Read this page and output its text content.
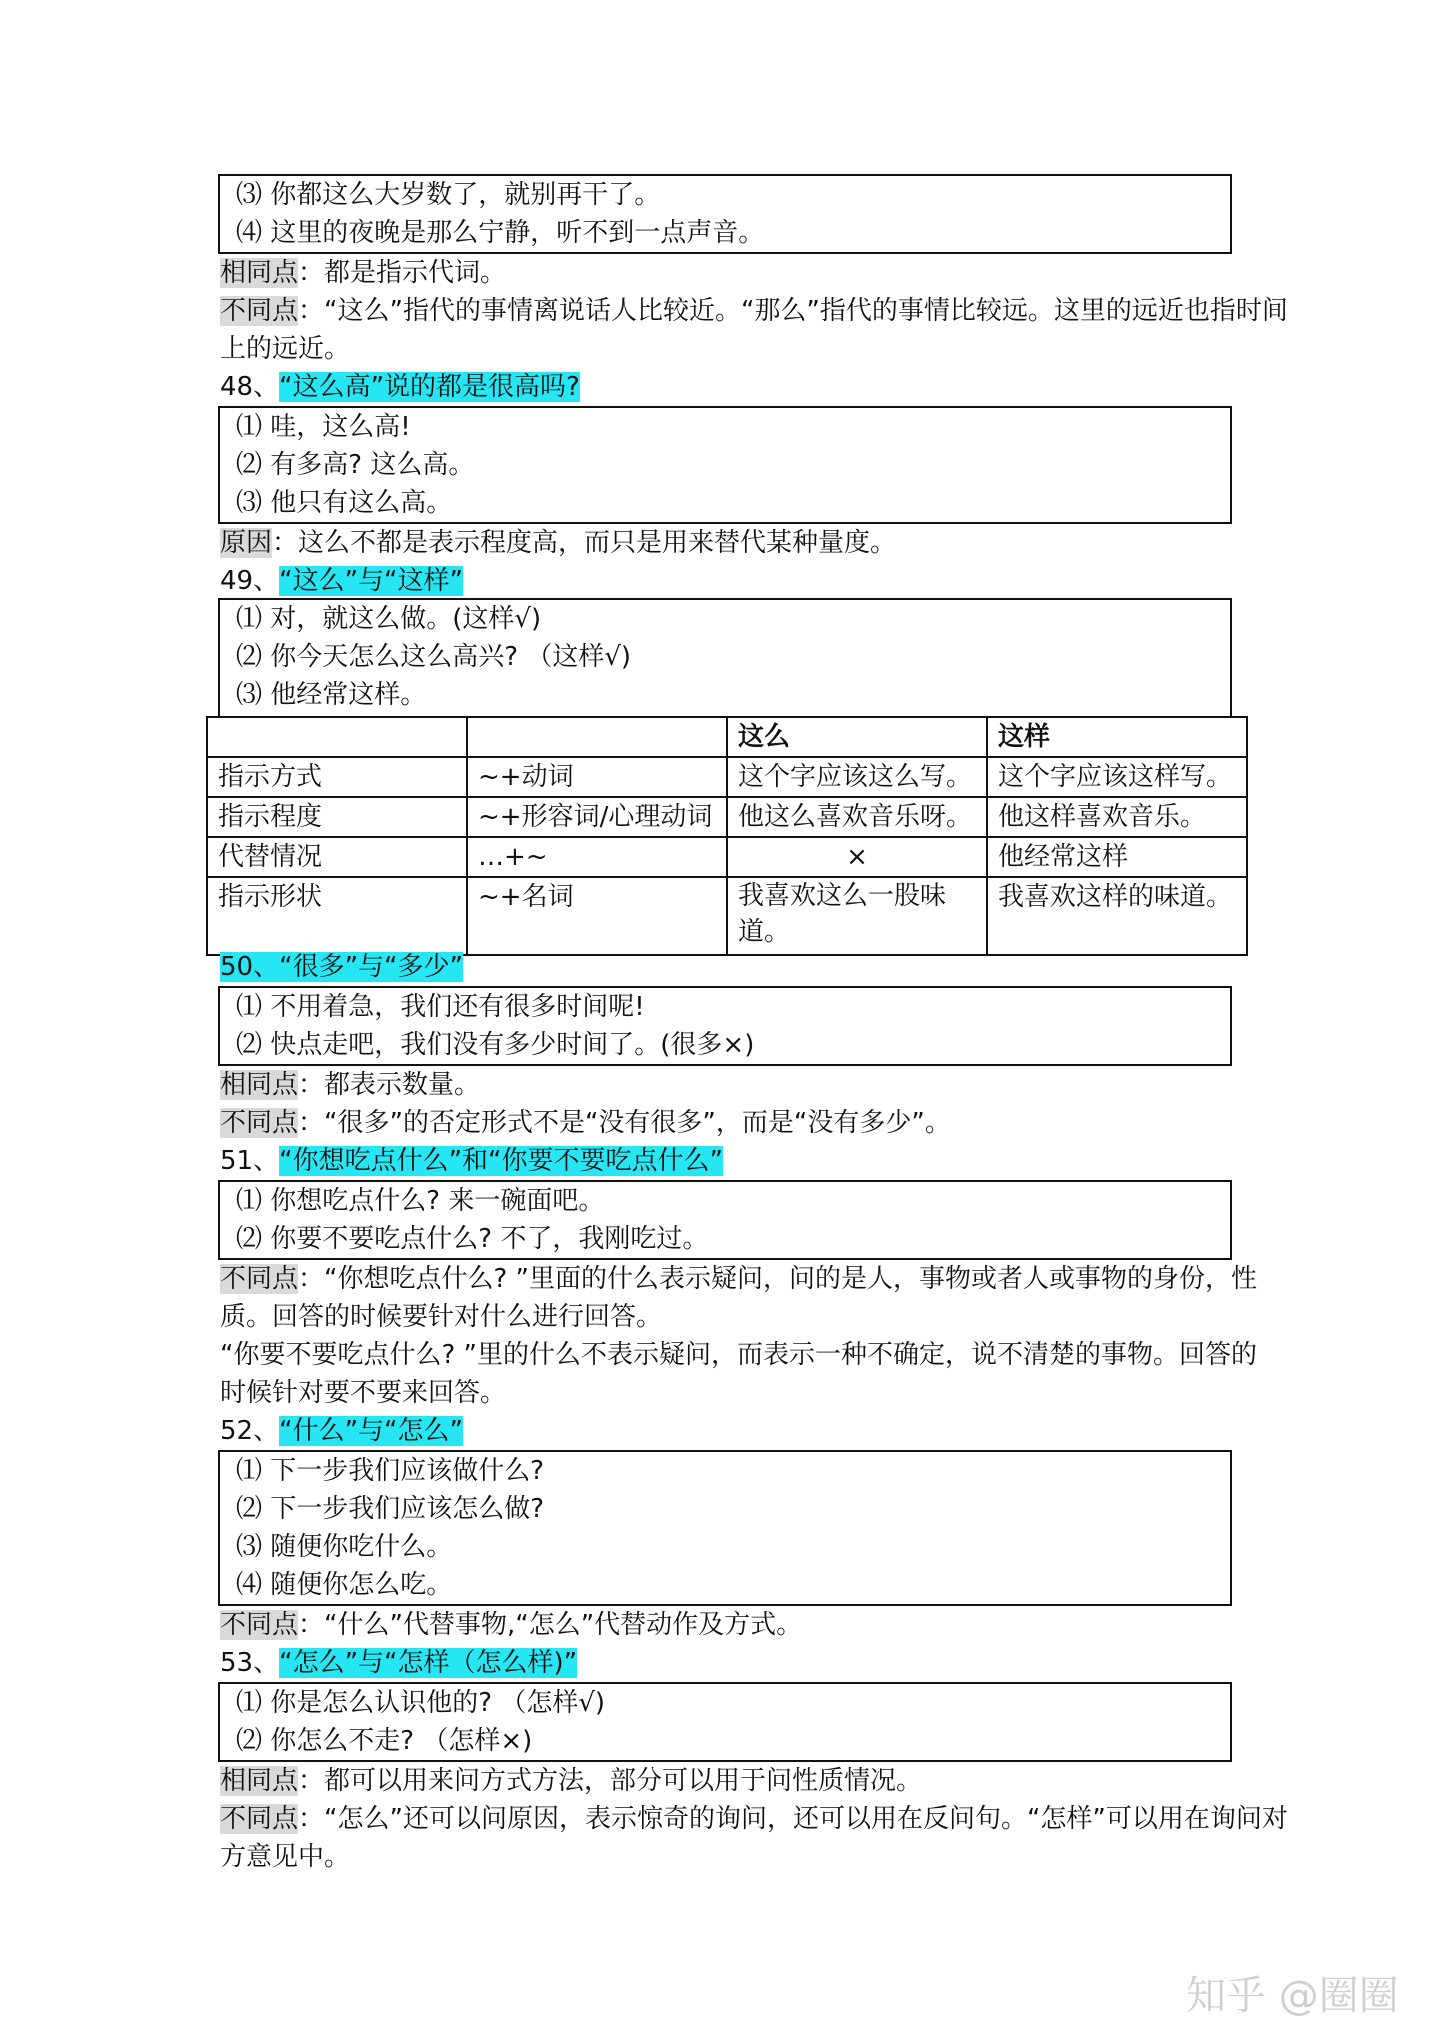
⑶ 你都这么大岁数了，就别再干了。
⑷ 这里的夜晚是那么宁静，听不到一点声音。
相同点：都是指示代词。
不同点：“这么”指代的事情离说话人比较近。“那么”指代的事情比较远。这里的远近也指时间
上的远近。
48、“这么高”说的都是很高吗?
⑴ 哇，这么高!
⑵ 有多高? 这么高。
⑶ 他只有这么高。
原因：这么不都是表示程度高，而只是用来替代某种量度。
49、“这么”与“这样”
⑴ 对，就这么做。(这样√)
⑵ 你今天怎么这么高兴? （这样√)
⑶ 他经常这样。
		这么	这样
指示方式	~+动词	这个字应该这么写。	这个字应该这样写。
指示程度	~+形容词/心理动词	他这么喜欢音乐呀。	他这样喜欢音乐。
代替情况	…+~	×	他经常这样
指示形状	~+名词	我喜欢这么一股味道。	我喜欢这样的味道。
50、“很多”与“多少”
⑴ 不用着急，我们还有很多时间呢!
⑵ 快点走吧，我们没有多少时间了。(很多×)
相同点：都表示数量。
不同点：“很多”的否定形式不是“没有很多”，而是“没有多少”。
51、“你想吃点什么”和“你要不要吃点什么”
⑴ 你想吃点什么? 来一碗面吧。
⑵ 你要不要吃点什么? 不了，我刚吃过。
不同点：“你想吃点什么? ”里面的什么表示疑问，问的是人，事物或者人或事物的身份，性
质。回答的时候要针对什么进行回答。
“你要不要吃点什么? ”里的什么不表示疑问，而表示一种不确定，说不清楚的事物。回答的
时候针对要不要来回答。
52、“什么”与“怎么”
⑴ 下一步我们应该做什么?
⑵ 下一步我们应该怎么做?
⑶ 随便你吃什么。
⑷ 随便你怎么吃。
不同点：“什么”代替事物,“怎么”代替动作及方式。
53、“怎么”与“怎样（怎么样)”
⑴ 你是怎么认识他的? （怎样√)
⑵ 你怎么不走? （怎样×)
相同点：都可以用来问方式方法，部分可以用于问性质情况。
不同点：“怎么”还可以问原因，表示惊奇的询问，还可以用在反问句。“怎样”可以用在询问对
方意见中。
知乎 @圈圈
